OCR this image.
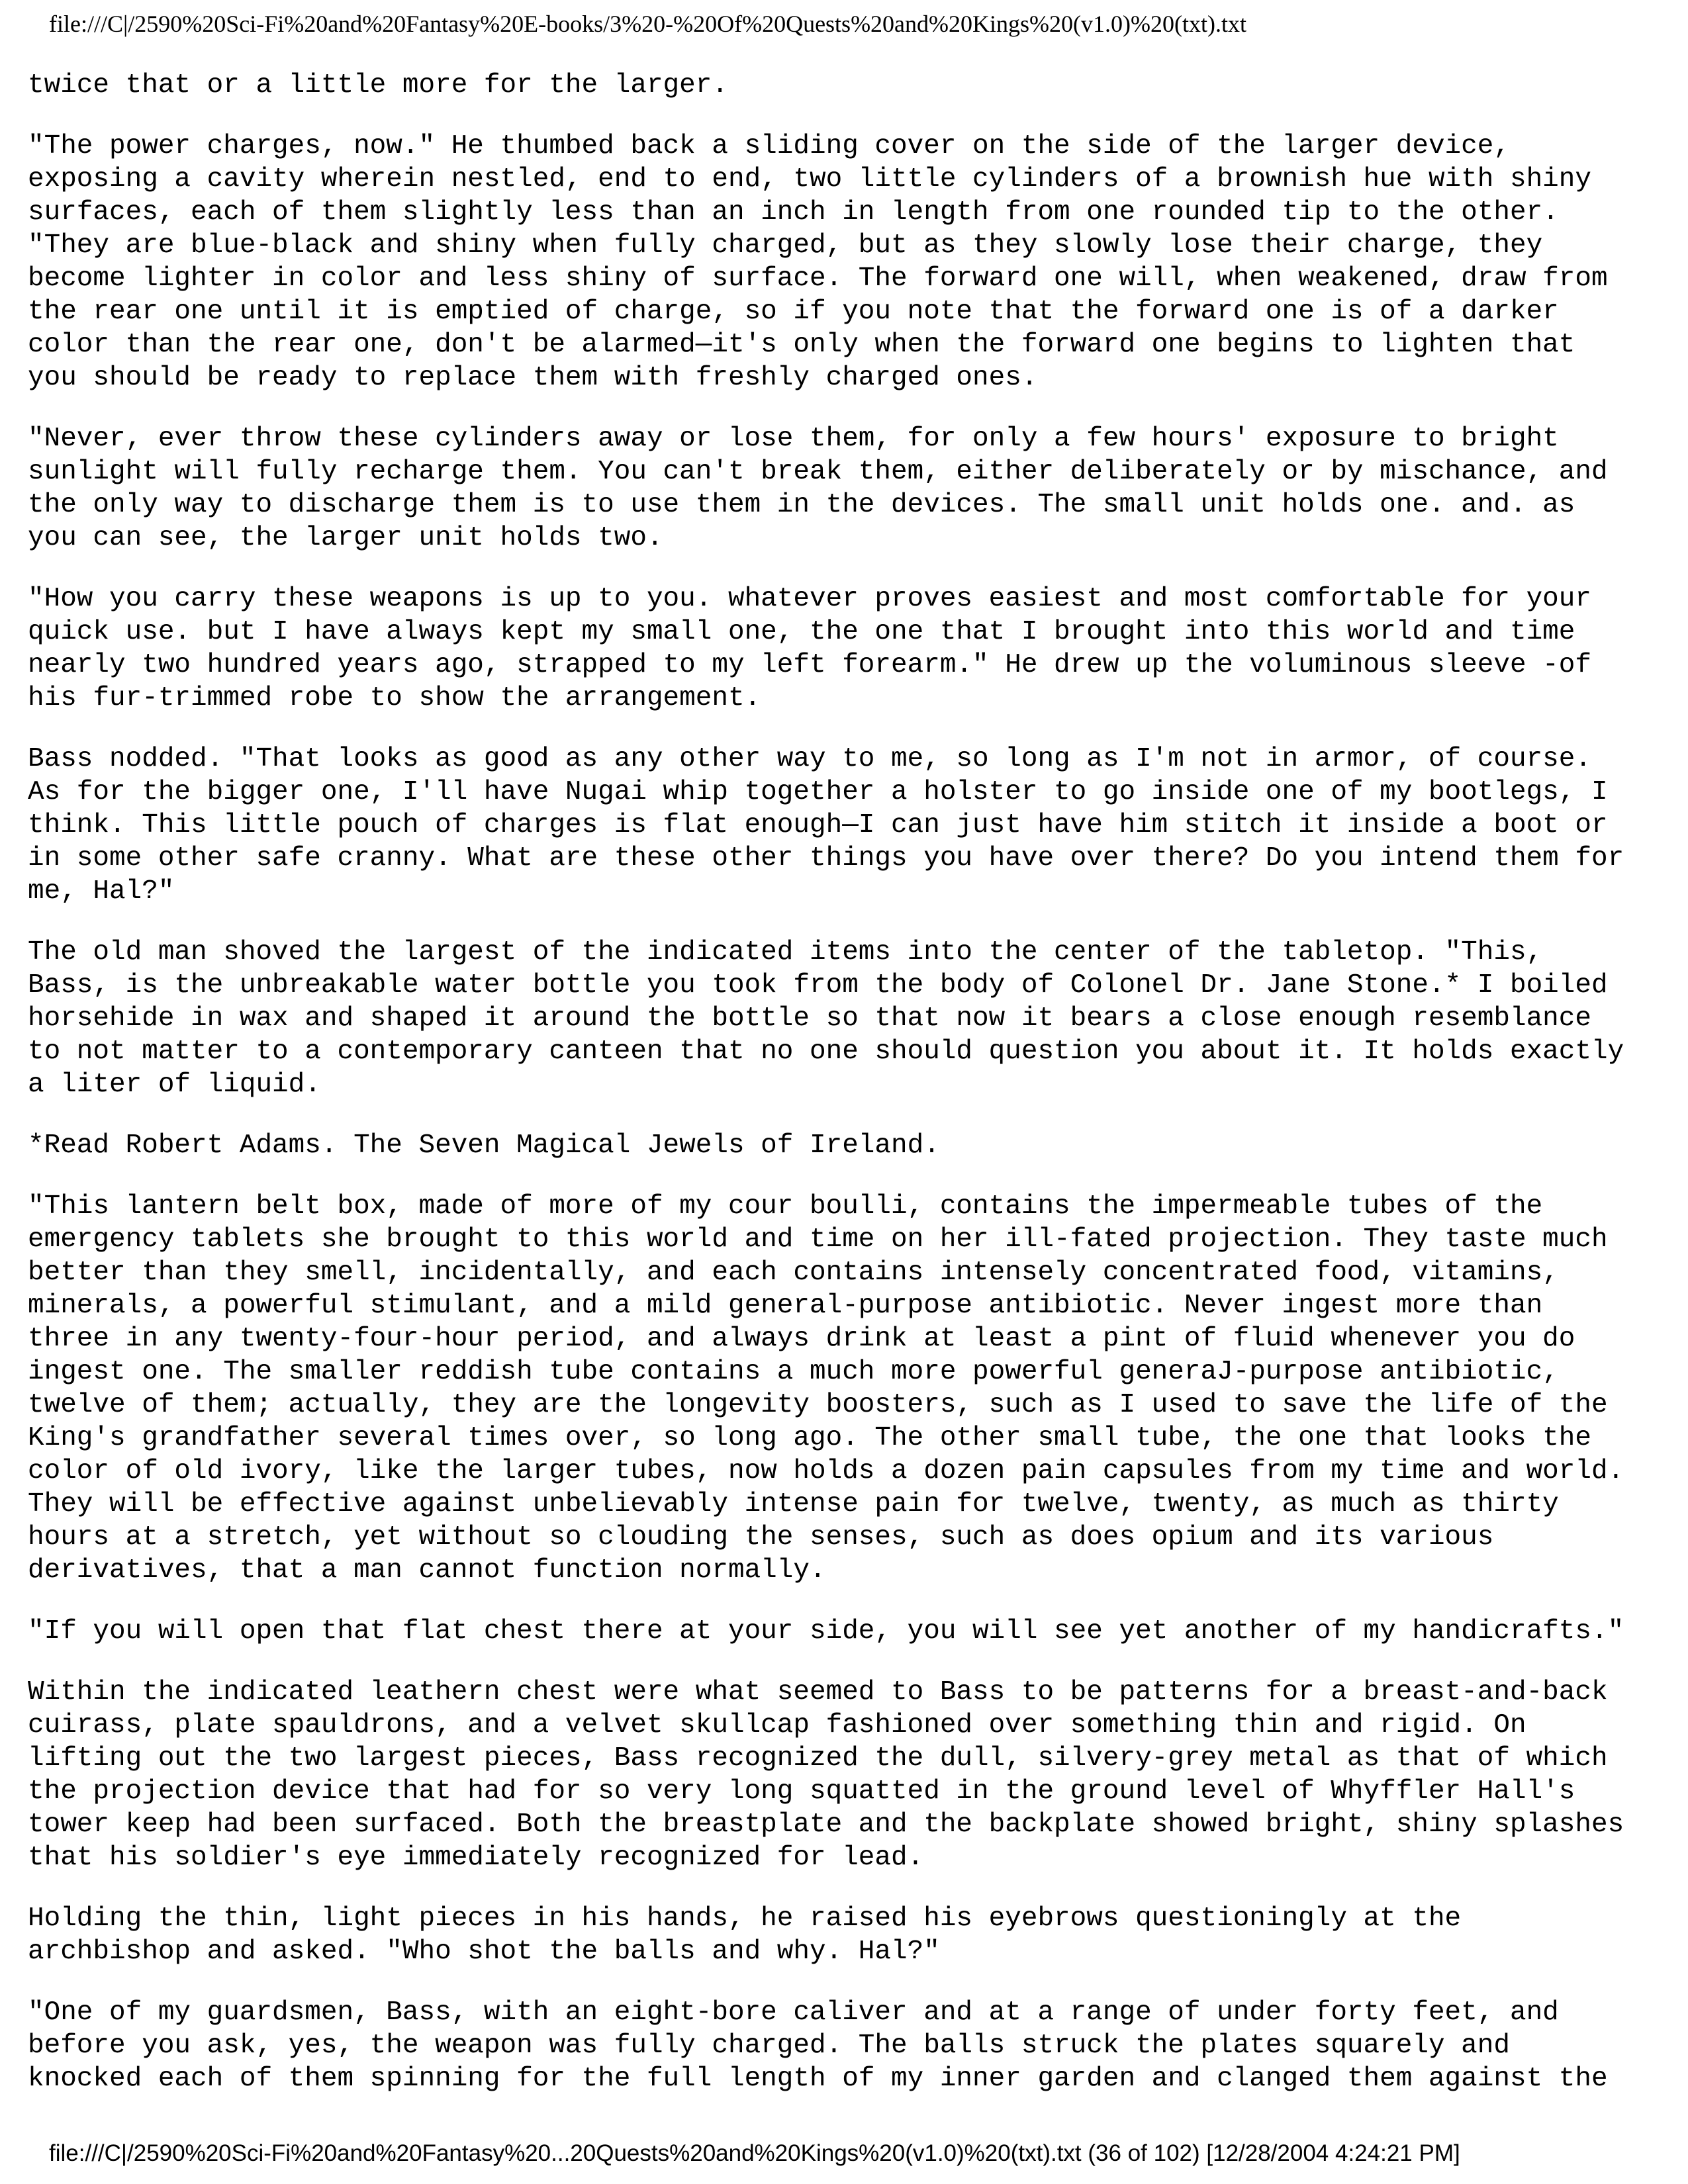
file:///C|/2590%20Sci-Fi%20and%20Fantasy%20E-books/3%20-%20Of%20Quests%20and%20Kings%20(v1.0)%20(txt).txt

twice that or a little more for the larger.

"The power charges, now." He thumbed back a sliding cover on the side of the larger device,
exposing a cavity wherein nestled, end to end, two little cylinders of a brownish hue with shiny
surfaces, each of them slightly less than an inch in length from one rounded tip to the other.
"They are blue-black and shiny when fully charged, but as they slowly lose their charge, they
become lighter in color and less shiny of surface. The forward one will, when weakened, draw from
the rear one until it is emptied of charge, so if you note that the forward one is of a darker
color than the rear one, don't be alarmed—it's only when the forward one begins to lighten that
you should be ready to replace them with freshly charged ones.

"Never, ever throw these cylinders away or lose them, for only a few hours' exposure to bright
sunlight will fully recharge them. You can't break them, either deliberately or by mischance, and
the only way to discharge them is to use them in the devices. The small unit holds one. and. as
you can see, the larger unit holds two.

"How you carry these weapons is up to you. whatever proves easiest and most comfortable for your
quick use. but I have always kept my small one, the one that I brought into this world and time
nearly two hundred years ago, strapped to my left forearm." He drew up the voluminous sleeve -of
his fur-trimmed robe to show the arrangement.

Bass nodded. "That looks as good as any other way to me, so long as I'm not in armor, of course.
As for the bigger one, I'll have Nugai whip together a holster to go inside one of my bootlegs, I
think. This little pouch of charges is flat enough—I can just have him stitch it inside a boot or
in some other safe cranny. What are these other things you have over there? Do you intend them for
me, Hal?"

The old man shoved the largest of the indicated items into the center of the tabletop. "This,
Bass, is the unbreakable water bottle you took from the body of Colonel Dr. Jane Stone.* I boiled
horsehide in wax and shaped it around the bottle so that now it bears a close enough resemblance
to not matter to a contemporary canteen that no one should question you about it. It holds exactly
a liter of liquid.

*Read Robert Adams. The Seven Magical Jewels of Ireland.

"This lantern belt box, made of more of my cour boulli, contains the impermeable tubes of the
emergency tablets she brought to this world and time on her ill-fated projection. They taste much
better than they smell, incidentally, and each contains intensely concentrated food, vitamins,
minerals, a powerful stimulant, and a mild general-purpose antibiotic. Never ingest more than
three in any twenty-four-hour period, and always drink at least a pint of fluid whenever you do
ingest one. The smaller reddish tube contains a much more powerful generaJ-purpose antibiotic,
twelve of them; actually, they are the longevity boosters, such as I used to save the life of the
King's grandfather several times over, so long ago. The other small tube, the one that looks the
color of old ivory, like the larger tubes, now holds a dozen pain capsules from my time and world.
They will be effective against unbelievably intense pain for twelve, twenty, as much as thirty
hours at a stretch, yet without so clouding the senses, such as does opium and its various
derivatives, that a man cannot function normally.

"If you will open that flat chest there at your side, you will see yet another of my handicrafts."

Within the indicated leathern chest were what seemed to Bass to be patterns for a breast-and-back
cuirass, plate spauldrons, and a velvet skullcap fashioned over something thin and rigid. On
lifting out the two largest pieces, Bass recognized the dull, silvery-grey metal as that of which
the projection device that had for so very long squatted in the ground level of Whyffler Hall's
tower keep had been surfaced. Both the breastplate and the backplate showed bright, shiny splashes
that his soldier's eye immediately recognized for lead.

Holding the thin, light pieces in his hands, he raised his eyebrows questioningly at the
archbishop and asked. "Who shot the balls and why. Hal?"

"One of my guardsmen, Bass, with an eight-bore caliver and at a range of under forty feet, and
before you ask, yes, the weapon was fully charged. The balls struck the plates squarely and
knocked each of them spinning for the full length of my inner garden and clanged them against the

file:///C|/2590%20Sci-Fi%20and%20Fantasy%20...20Quests%20and%20Kings%20(v1.0)%20(txt).txt (36 of 102) [12/28/2004 4:24:21 PM]
